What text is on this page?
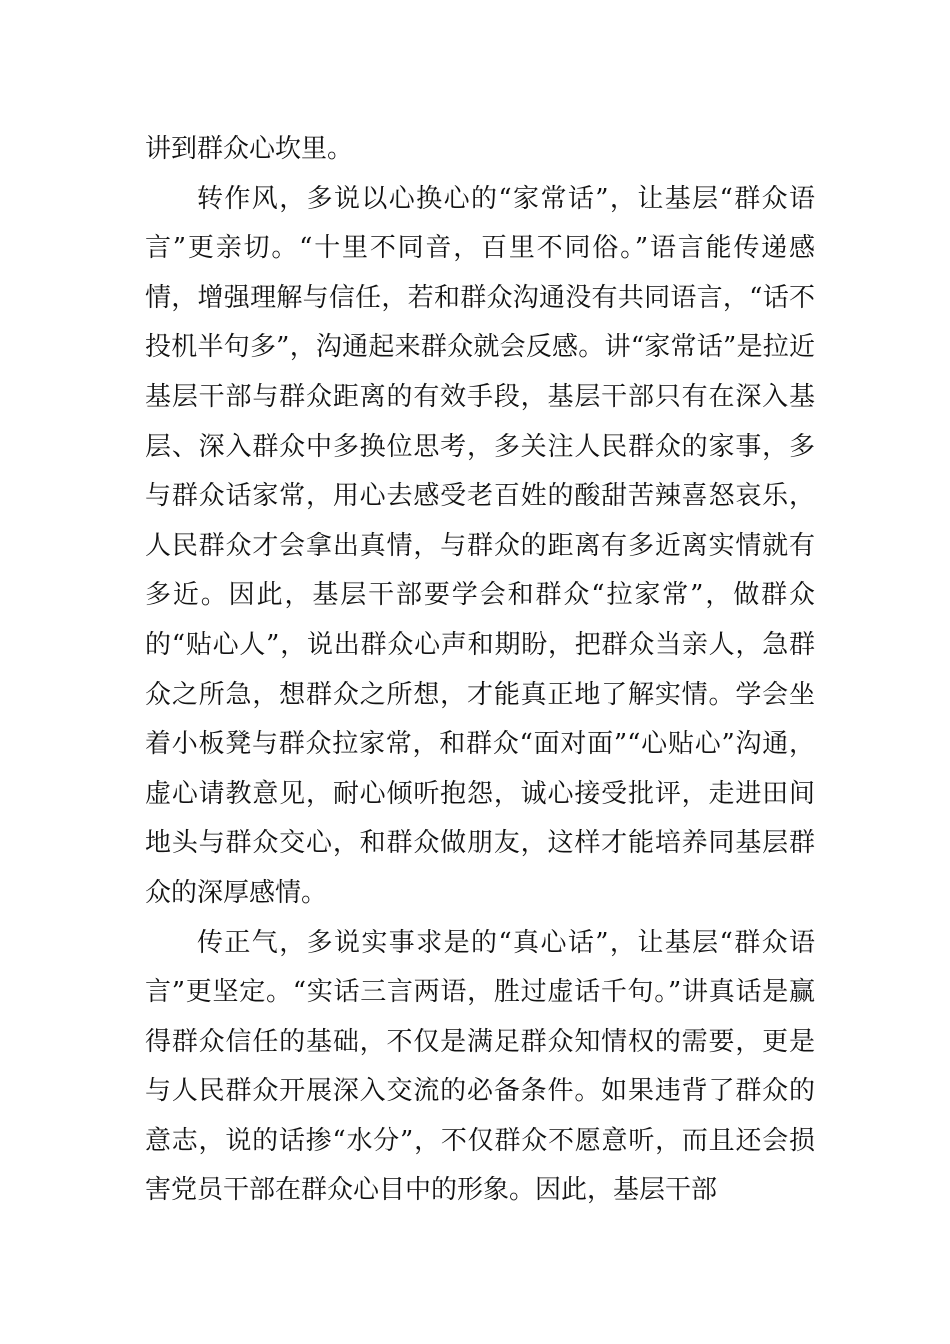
讲到群众心坎里。

转作风，多说以心换心的“家常话”，让基层“群众语言”更亲切。“十里不同音，百里不同俗。”语言能传递感情，增强理解与信任，若和群众沟通没有共同语言，“话不投机半句多”，沟通起来群众就会反感。讲“家常话”是拉近基层干部与群众距离的有效手段，基层干部只有在深入基层、深入群众中多换位思考，多关注人民群众的家事，多与群众话家常，用心去感受老百姓的酸甜苦辣喜怒哀乐，人民群众才会拿出真情，与群众的距离有多近离实情就有多近。因此，基层干部要学会和群众“拉家常”，做群众的“贴心人”，说出群众心声和期盼，把群众当亲人，急群众之所急，想群众之所想，才能真正地了解实情。学会坐着小板凳与群众拉家常，和群众“面对面”“心贴心”沟通，虚心请教意见，耐心倾听抱怨，诚心接受批评，走进田间地头与群众交心，和群众做朋友，这样才能培养同基层群众的深厚感情。

传正气，多说实事求是的“真心话”，让基层“群众语言”更坚定。“实话三言两语，胜过虚话千句。”讲真话是赢得群众信任的基础，不仅是满足群众知情权的需要，更是与人民群众开展深入交流的必备条件。如果违背了群众的意志，说的话掺“水分”，不仅群众不愿意听，而且还会损害党员干部在群众心目中的形象。因此，基层干部
